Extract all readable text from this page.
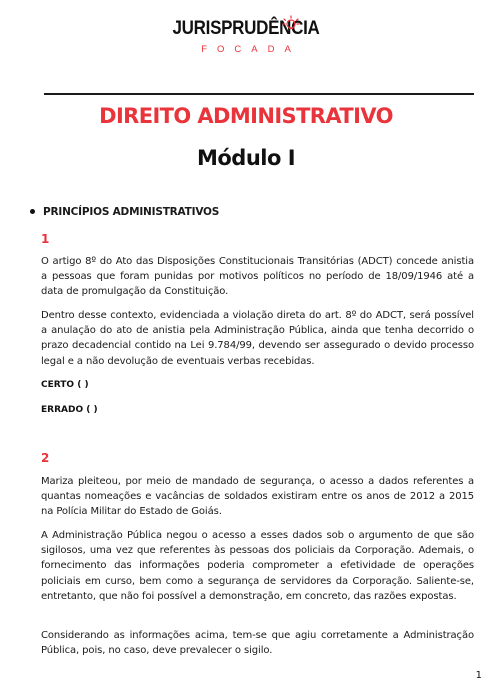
JURISPRUDÊNCIA
FOCADA
DIREITO ADMINISTRATIVO
Módulo I
PRINCÍPIOS ADMINISTRATIVOS
1
O artigo 8º do Ato das Disposições Constitucionais Transitórias (ADCT) concede anistia a pessoas que foram punidas por motivos políticos no período de 18/09/1946 até a data de promulgação da Constituição.
Dentro desse contexto, evidenciada a violação direta do art. 8º do ADCT, será possível a anulação do ato de anistia pela Administração Pública, ainda que tenha decorrido o prazo decadencial contido na Lei 9.784/99, devendo ser assegurado o devido processo legal e a não devolução de eventuais verbas recebidas.
CERTO ( )
ERRADO ( )
2
Mariza pleiteou, por meio de mandado de segurança, o acesso a dados referentes a quantas nomeações e vacâncias de soldados existiram entre os anos de 2012 a 2015 na Polícia Militar do Estado de Goiás.
A Administração Pública negou o acesso a esses dados sob o argumento de que são sigilosos, uma vez que referentes às pessoas dos policiais da Corporação. Ademais, o fornecimento das informações poderia comprometer a efetividade de operações policiais em curso, bem como a segurança de servidores da Corporação. Saliente-se, entretanto, que não foi possível a demonstração, em concreto, das razões expostas.
Considerando as informações acima, tem-se que agiu corretamente a Administração Pública, pois, no caso, deve prevalecer o sigilo.
1
